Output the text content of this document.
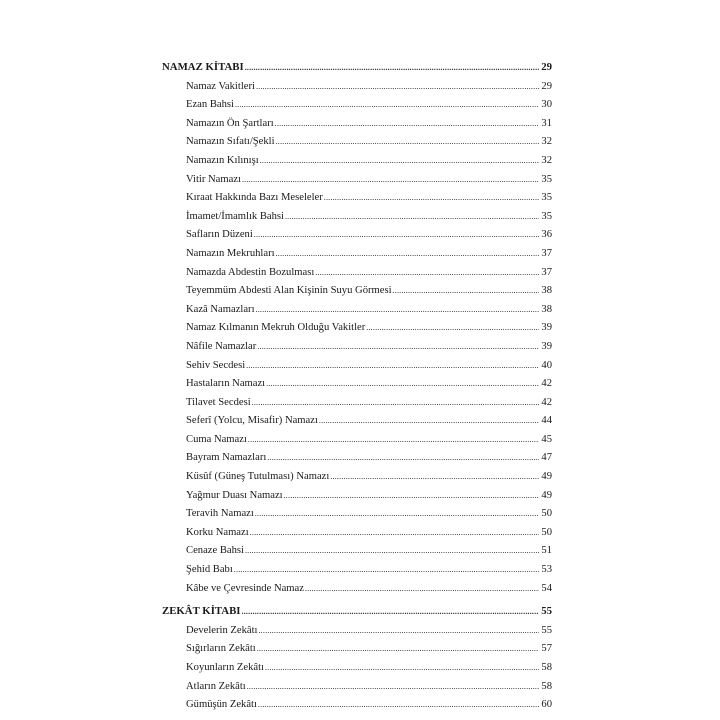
NAMAZ KİTABI .....	29
Namaz Vakitleri .....	29
Ezan Bahsi .....	30
Namazın Ön Şartları .....	31
Namazın Sıfatı/Şekli .....	32
Namazın Kılınışı .....	32
Vitir Namazı .....	35
Kıraat Hakkında Bazı Meseleler .....	35
İmamet/İmamlık Bahsi .....	35
Safların Düzeni .....	36
Namazın Mekruhları .....	37
Namazda Abdestin Bozulması .....	37
Teyemmüm Abdesti Alan Kişinin Suyu Görmesi .....	38
Kazâ Namazları .....	38
Namaz Kılmanın Mekruh Olduğu Vakitler .....	39
Nâfile Namazlar .....	39
Sehiv Secdesi .....	40
Hastaların Namazı .....	42
Tilavet Secdesi .....	42
Seferî (Yolcu, Misafir) Namazı .....	44
Cuma Namazı .....	45
Bayram Namazları .....	47
Küsûf (Güneş Tutulması) Namazı .....	49
Yağmur Duası Namazı .....	49
Teravih Namazı .....	50
Korku Namazı .....	50
Cenaze Bahsi .....	51
Şehid Babı .....	53
Kâbe ve Çevresinde Namaz .....	54
ZEKÂT KİTABI .....	55
Develerin Zekâtı .....	55
Sığırların Zekâtı .....	57
Koyunların Zekâtı .....	58
Atların Zekâtı .....	58
Gümüşün Zekâtı .....	60
